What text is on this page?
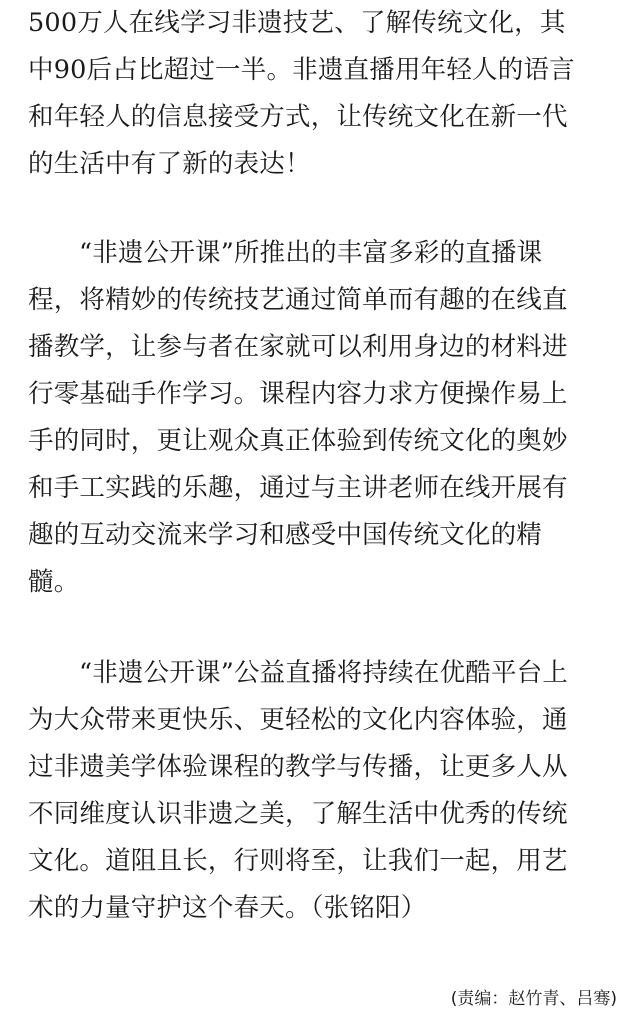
500万人在线学习非遗技艺、了解传统文化，其
中90后占比超过一半。非遗直播用年轻人的语言
和年轻人的信息接受方式，让传统文化在新一代
的生活中有了新的表达！
“非遗公开课”所推出的丰富多彩的直播课
程，将精妙的传统技艺通过简单而有趣的在线直
播教学，让参与者在家就可以利用身边的材料进
行零基础手作学习。课程内容力求方便操作易上
手的同时，更让观众真正体验到传统文化的奥妙
和手工实践的乐趣，通过与主讲老师在线开展有
趣的互动交流来学习和感受中国传统文化的精
髓。
“非遗公开课”公益直播将持续在优酷平台上
为大众带来更快乐、更轻松的文化内容体验，通
过非遗美学体验课程的教学与传播，让更多人从
不同维度认识非遗之美，了解生活中优秀的传统
文化。道阻且长，行则将至，让我们一起，用艺
术的力量守护这个春天。（张铭阳）
(责编：赵竹青、吕骞)
